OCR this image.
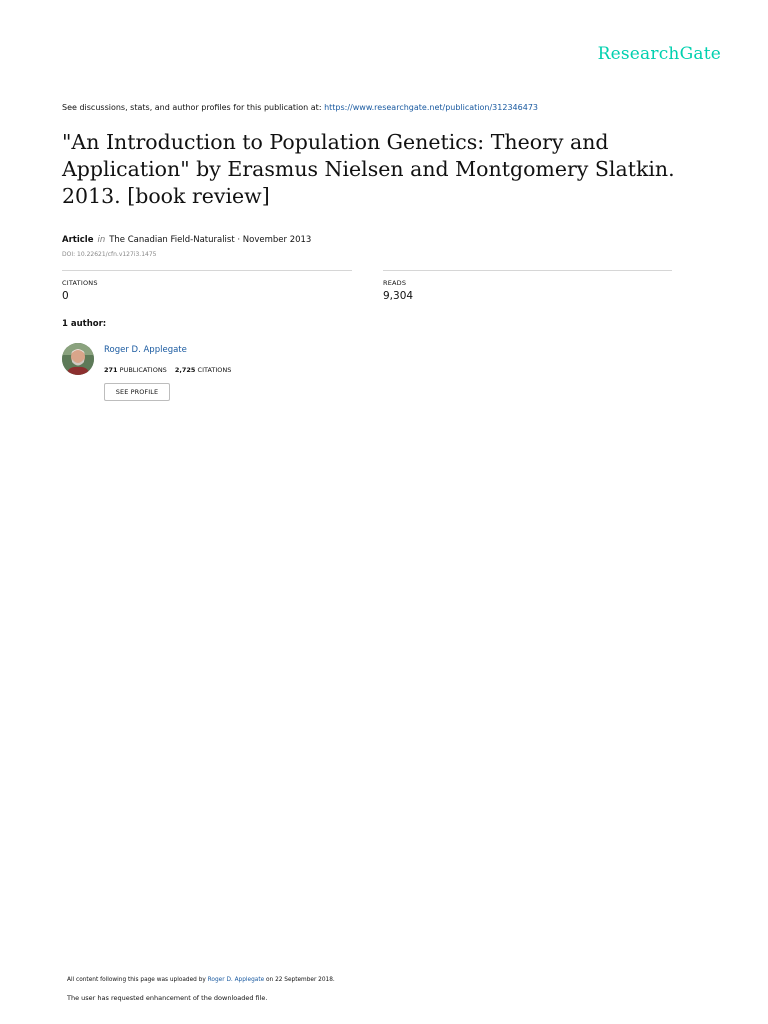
ResearchGate
See discussions, stats, and author profiles for this publication at: https://www.researchgate.net/publication/312346473
"An Introduction to Population Genetics: Theory and Application" by Erasmus Nielsen and Montgomery Slatkin. 2013. [book review]
Article in The Canadian Field-Naturalist · November 2013
DOI: 10.22621/cfn.v127i3.1475
CITATIONS
0
READS
9,304
1 author:
Roger D. Applegate
271 PUBLICATIONS 2,725 CITATIONS
SEE PROFILE
All content following this page was uploaded by Roger D. Applegate on 22 September 2018.
The user has requested enhancement of the downloaded file.
